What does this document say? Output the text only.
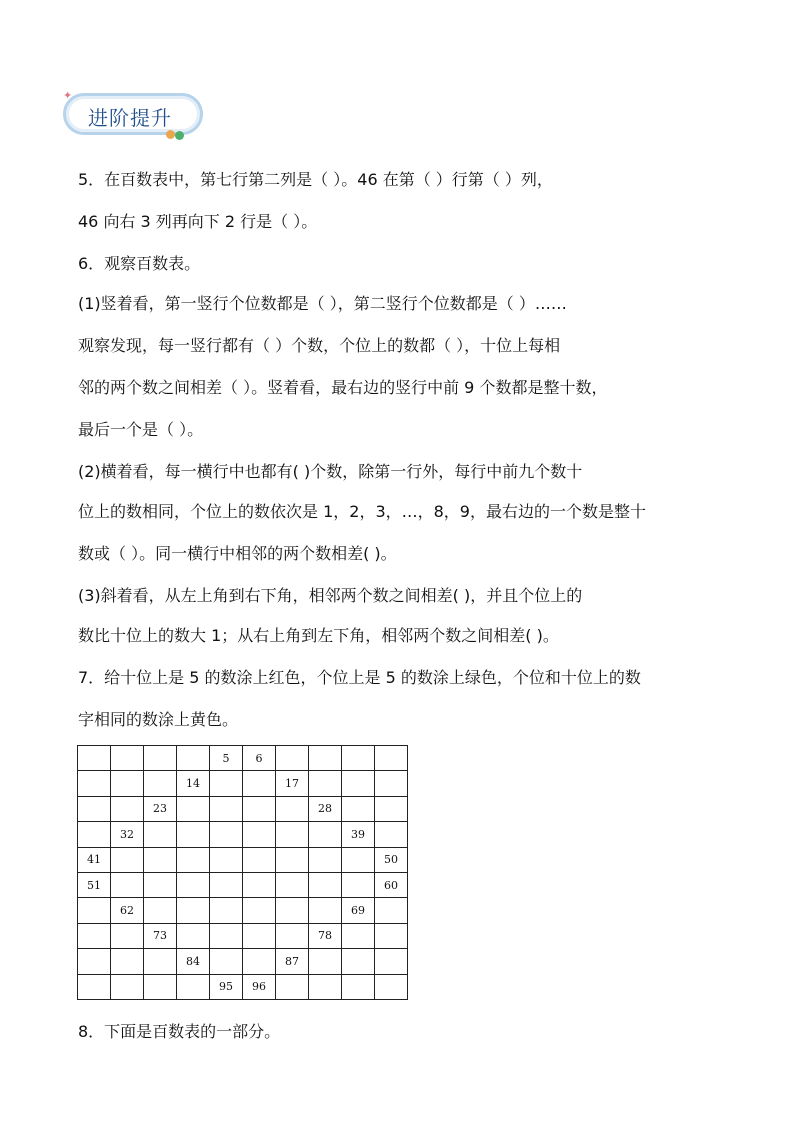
✦
进阶提升
5．在百数表中，第七行第二列是（ ）。46 在第（ ）行第（ ）列，
46 向右 3 列再向下 2 行是（ ）。
6．观察百数表。
(1)竖着看，第一竖行个位数都是（ ），第二竖行个位数都是（ ）……
观察发现，每一竖行都有（ ）个数，个位上的数都（ ），十位上每相
邻的两个数之间相差（ ）。竖着看，最右边的竖行中前 9 个数都是整十数，
最后一个是（ ）。
(2)横着看，每一横行中也都有( )个数，除第一行外，每行中前九个数十
位上的数相同，个位上的数依次是 1，2，3，…，8，9，最右边的一个数是整十
数或（ ）。同一横行中相邻的两个数相差( )。
(3)斜着看，从左上角到右下角，相邻两个数之间相差( )，并且个位上的
数比十位上的数大 1；从右上角到左下角，相邻两个数之间相差( )。
7．给十位上是 5 的数涂上红色，个位上是 5 的数涂上绿色，个位和十位上的数
字相同的数涂上黄色。
				5	6				
			14			17			
		23					28		
	32							39	
41									50
51									60
	62							69	
		73					78		
			84			87			
				95	96				
8．下面是百数表的一部分。
